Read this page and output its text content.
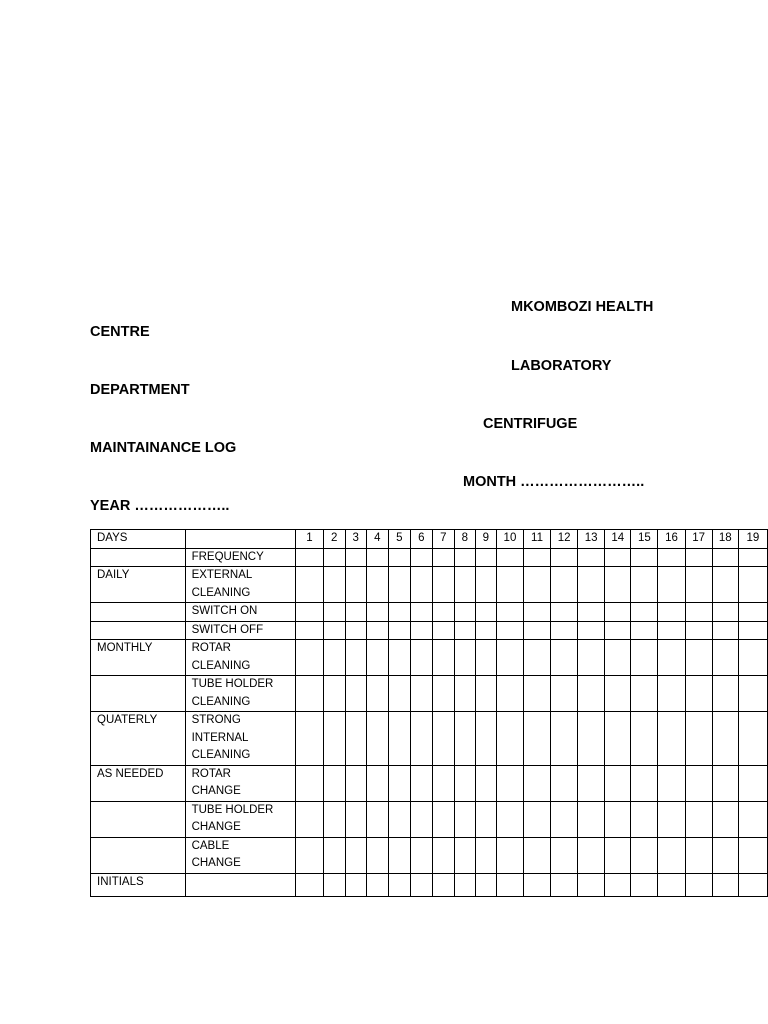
MKOMBOZI HEALTH
CENTRE
LABORATORY
DEPARTMENT
CENTRIFUGE
MAINTAINANCE LOG
MONTH ……………………..
YEAR ………………..
DAYS		1	2	3	4	5	6	7	8	9	10	11	12	13	14	15	16	17	18	19
	FREQUENCY																			
DAILY	EXTERNAL
CLEANING																			

	SWITCH ON																			

	SWITCH OFF																			

MONTHLY	ROTAR
CLEANING																			

	TUBE HOLDER
CLEANING																			

QUATERLY	STRONG
INTERNAL
CLEANING																			

AS NEEDED	ROTAR
CHANGE																			

	TUBE HOLDER
CHANGE																			

	CABLE
CHANGE																			

INITIALS																				
